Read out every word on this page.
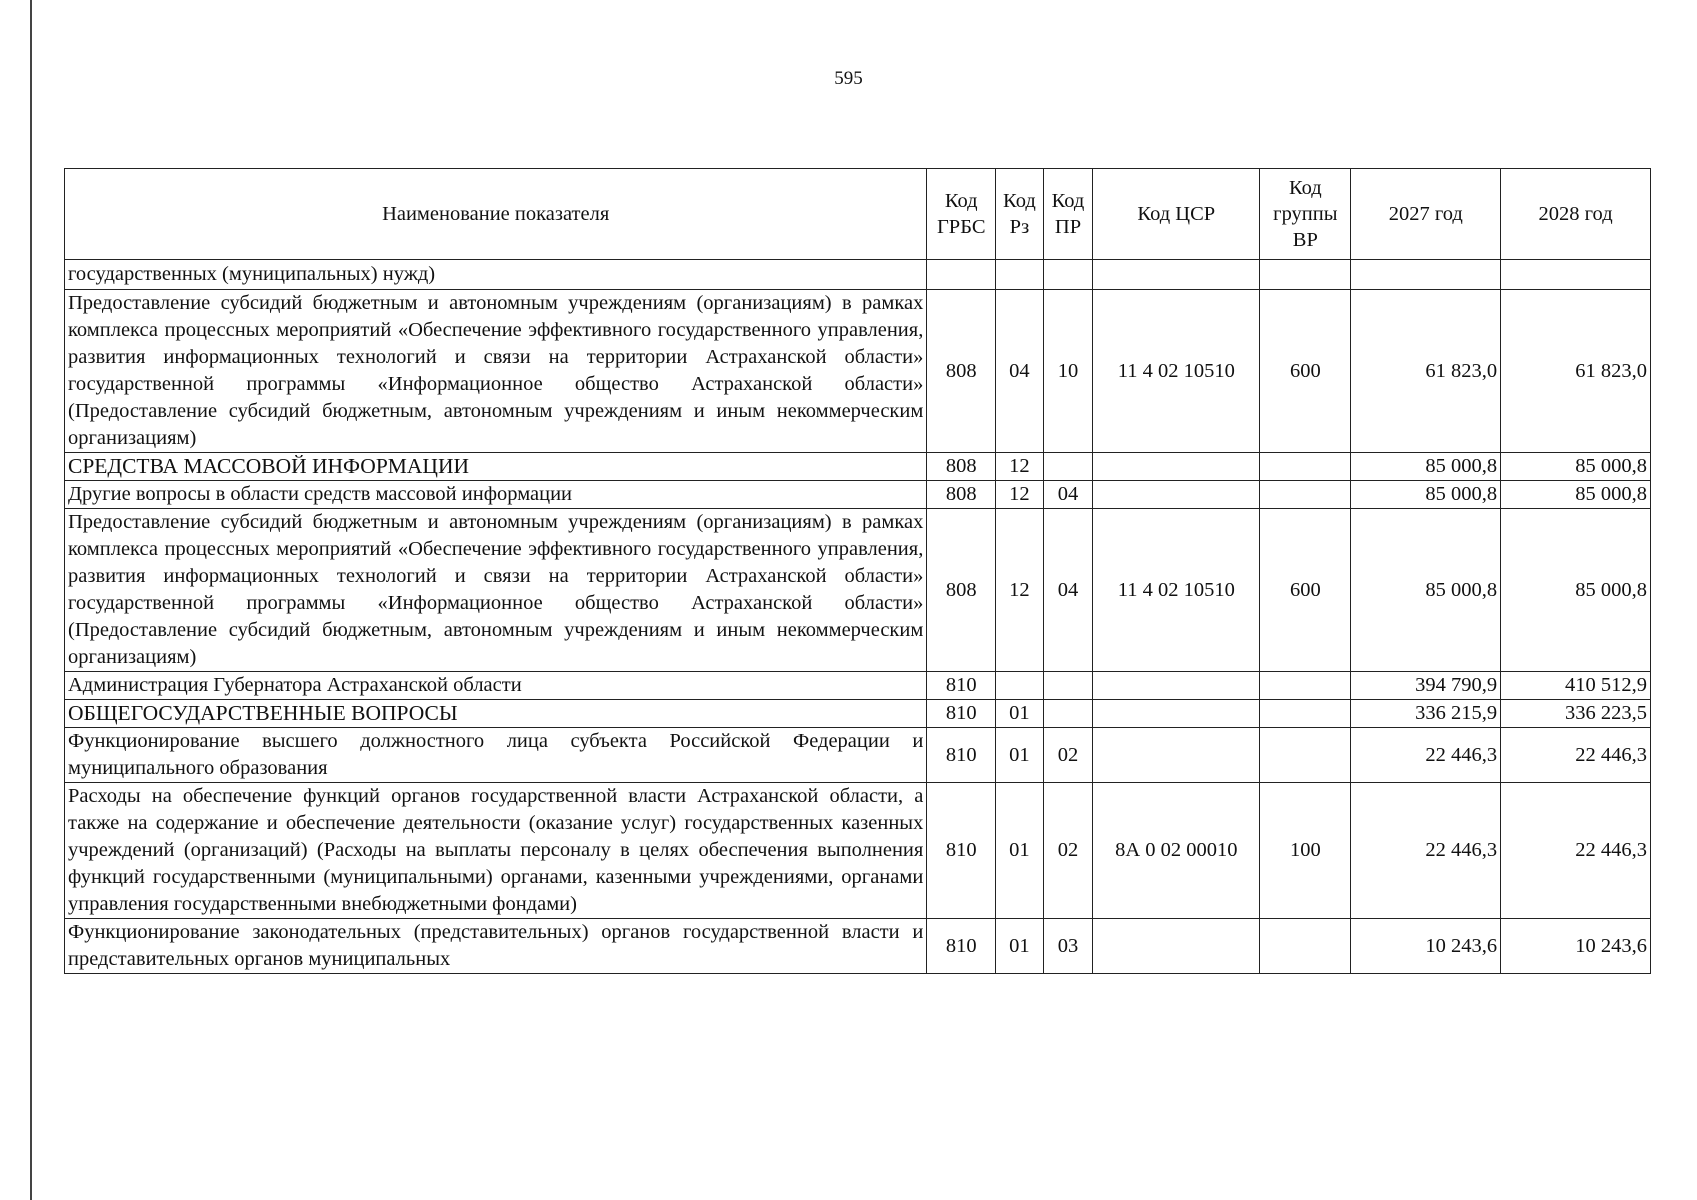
595
Наименование показателя	Код ГРБС	Код Рз	Код ПР	Код ЦСР	Код группы ВР	2027 год	2028 год
государственных (муниципальных) нужд)							
Предоставление субсидий бюджетным и автономным учреждениям (организациям) в рамках комплекса процессных мероприятий «Обеспечение эффективного государственного управления, развития информационных технологий и связи на территории Астраханской области» государственной программы «Информационное общество Астраханской области» (Предоставление субсидий бюджетным, автономным учреждениям и иным некоммерческим организациям)	808	04	10	11 4 02 10510	600	61 823,0	61 823,0
СРЕДСТВА МАССОВОЙ ИНФОРМАЦИИ	808	12				85 000,8	85 000,8
Другие вопросы в области средств массовой информации	808	12	04			85 000,8	85 000,8
Предоставление субсидий бюджетным и автономным учреждениям (организациям) в рамках комплекса процессных мероприятий «Обеспечение эффективного государственного управления, развития информационных технологий и связи на территории Астраханской области» государственной программы «Информационное общество Астраханской области» (Предоставление субсидий бюджетным, автономным учреждениям и иным некоммерческим организациям)	808	12	04	11 4 02 10510	600	85 000,8	85 000,8
Администрация Губернатора Астраханской области	810					394 790,9	410 512,9
ОБЩЕГОСУДАРСТВЕННЫЕ ВОПРОСЫ	810	01				336 215,9	336 223,5
Функционирование высшего должностного лица субъекта Российской Федерации и муниципального образования	810	01	02			22 446,3	22 446,3
Расходы на обеспечение функций органов государственной власти Астраханской области, а также на содержание и обеспечение деятельности (оказание услуг) государственных казенных учреждений (организаций) (Расходы на выплаты персоналу в целях обеспечения выполнения функций государственными (муниципальными) органами, казенными учреждениями, органами управления государственными внебюджетными фондами)	810	01	02	8А 0 02 00010	100	22 446,3	22 446,3
Функционирование законодательных (представительных) органов государственной власти и представительных органов муниципальных	810	01	03			10 243,6	10 243,6
